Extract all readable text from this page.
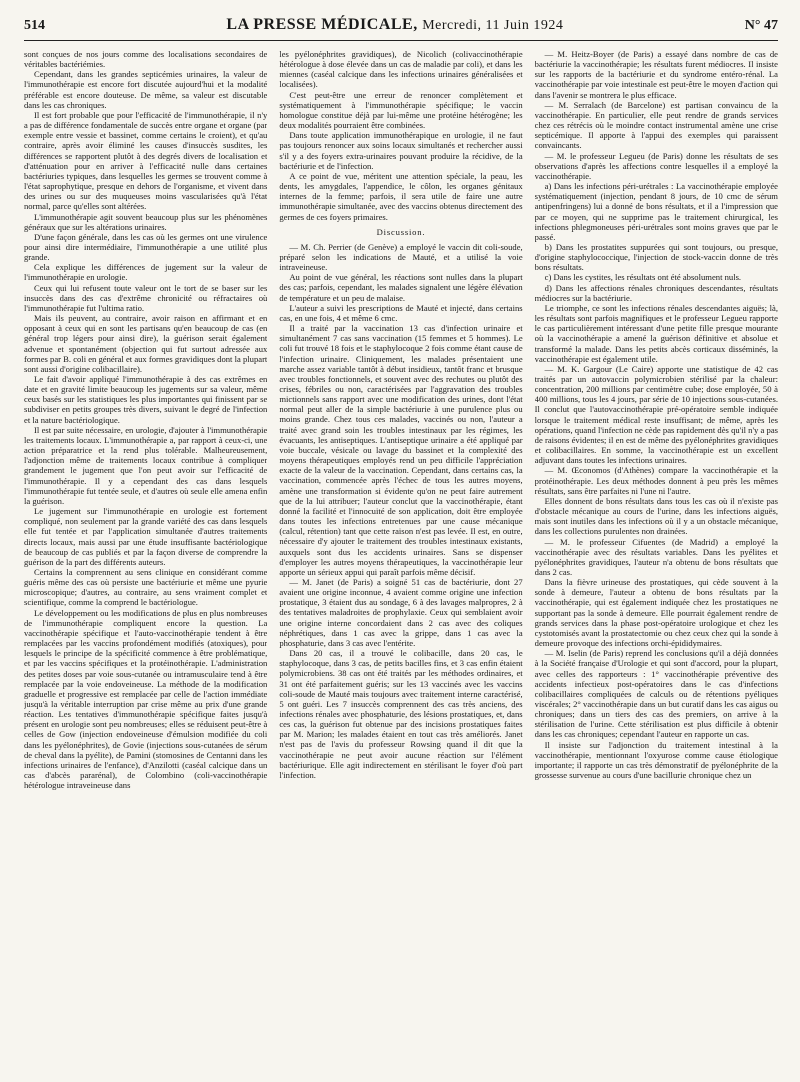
514	LA PRESSE MÉDICALE, Mercredi, 11 Juin 1924	N° 47

sont conçues de nos jours comme des localisations secondaires de véritables bactériémies.

Cependant, dans les grandes septicémies urinaires, la valeur de l'immunothérapie est encore fort discutée aujourd'hui et la modalité préférable est encore douteuse. De même, sa valeur est discutable dans les cas chroniques.

Il est fort probable que pour l'efficacité de l'immunothérapie, il n'y a pas de différence fondamentale de succès entre organe et organe (par exemple entre vessie et bassinet, comme certains le croient), et qu'au contraire, après avoir éliminé les causes d'insuccès susdites, les différences se rapportent plutôt à des degrés divers de localisation et d'atténuation pour en arriver à l'efficacité nulle dans certaines bactériuries typiques, dans lesquelles les germes se trouvent comme à l'état saprophytique, presque en dehors de l'organisme, et vivent dans des urines ou sur des muqueuses moins vascularisées qu'à l'état normal, parce qu'elles sont altérées.

L'immunothérapie agit souvent beaucoup plus sur les phénomènes généraux que sur les altérations urinaires.

D'une façon générale, dans les cas où les germes ont une virulence pour ainsi dire intermédiaire, l'immunothérapie a une utilité plus grande.

Cela explique les différences de jugement sur la valeur de l'immunothérapie en urologie.

Ceux qui lui refusent toute valeur ont le tort de se baser sur les insuccès dans des cas d'extrême chronicité ou réfractaires où l'immunothérapie fut l'ultima ratio.

Mais ils peuvent, au contraire, avoir raison en affirmant et en opposant à ceux qui en sont les partisans qu'en beaucoup de cas (en général trop légers pour ainsi dire), la guérison serait également advenue et spontanément (objection qui fut surtout adressée aux formes par B. coli en général et aux formes gravidiques dont la plupart sont aussi d'origine colibacillaire).

Le fait d'avoir appliqué l'immunothérapie à des cas extrêmes en date et en gravité limite beaucoup les jugements sur sa valeur, même ceux basés sur les statistiques les plus importantes qui finissent par se subdiviser en petits groupes très divers, suivant le degré de l'infection et la nature bactériologique.

Il est par suite nécessaire, en urologie, d'ajouter à l'immunothérapie les traitements locaux. L'immunothérapie a, par rapport à ceux-ci, une action préparatrice et la rend plus tolérable. Malheureusement, l'adjonction même de traitements locaux contribue à compliquer grandement le jugement que l'on peut avoir sur l'efficacité de l'immunothérapie. Il y a cependant des cas dans lesquels l'immunothérapie fut tentée seule, et d'autres où seule elle amena enfin la guérison.

Le jugement sur l'immunothérapie en urologie est fortement compliqué, non seulement par la grande variété des cas dans lesquels elle fut tentée et par l'application simultanée d'autres traitements directs locaux, mais aussi par une étude insuffisante bactériologique de beaucoup de cas publiés et par la façon diverse de comprendre la guérison de la part des différents auteurs.

Certains la comprennent au sens clinique en considérant comme guéris même des cas où persiste une bactériurie et même une pyurie microscopique; d'autres, au contraire, au sens vraiment complet et scientifique, comme la comprend le bactériologue.

Le développement ou les modifications de plus en plus nombreuses de l'immunothérapie compliquent encore la question. La vaccinothérapie spécifique et l'auto-vaccinothérapie tendent à être remplacées par les vaccins profondément modifiés (atoxiques), pour lesquels le principe de la spécificité commence à être problématique, et par les vaccins spécifiques et la protéinothérapie. L'administration des petites doses par voie sous-cutanée ou intramusculaire tend à être remplacée par la voie endoveineuse. La méthode de la modification graduelle et progressive est remplacée par celle de l'action immédiate jusqu'à la véritable interruption par crise même au prix d'une grande réaction. Les tentatives d'immunothérapie spécifique faites jusqu'à présent en urologie sont peu nombreuses; elles se réduisent peut-être à celles de Gow (injection endoveineuse d'émulsion modifiée du coli dans les pyélonéphrites), de Govie (injections sous-cutanées de sérum de cheval dans la pyélite), de Pamini (stomosines de Centanni dans les infections urinaires de l'enfance), d'Anzilotti (caséal calcique dans un cas d'abcès pararénal), de Colombino (coli-vaccinothérapie hétérologue intraveineuse dans

les pyélonéphrites gravidiques), de Nicolich (colivaccinothérapie hétérologue à dose élevée dans un cas de maladie par coli), et dans les miennes (caséal calcique dans les infections urinaires généralisées et localisées).

C'est peut-être une erreur de renoncer complètement et systématiquement à l'immunothérapie spécifique; le vaccin homologue constitue déjà par lui-même une protéine hétérogène; les deux modalités pourraient être combinées.

Dans toute application immunothérapique en urologie, il ne faut pas toujours renoncer aux soins locaux simultanés et rechercher aussi s'il y a des foyers extra-urinaires pouvant produire la récidive, de la bactériurie et de l'infection.

A ce point de vue, méritent une attention spéciale, la peau, les dents, les amygdales, l'appendice, le côlon, les organes génitaux internes de la femme; parfois, il sera utile de faire une autre immunothérapie simultanée, avec des vaccins obtenus directement des germes de ces foyers primaires.

Discussion.

— M. Ch. Perrier (de Genève) a employé le vaccin dit coli-soude, préparé selon les indications de Mauté, et a utilisé la voie intraveineuse.

Au point de vue général, les réactions sont nulles dans la plupart des cas; parfois, cependant, les malades signalent une légère élévation de température et un peu de malaise.

L'auteur a suivi les prescriptions de Mauté et injecté, dans certains cas, en une fois, 4 et même 6 cmc.

Il a traité par la vaccination 13 cas d'infection urinaire et simultanément 7 cas sans vaccination (15 femmes et 5 hommes). Le coli fut trouvé 18 fois et le staphylocoque 2 fois comme étant cause de l'infection urinaire. Cliniquement, les malades présentaient une marche assez variable tantôt à début insidieux, tantôt franc et brusque avec troubles fonctionnels, et souvent avec des rechutes ou plutôt des crises, fébriles ou non, caractérisées par l'aggravation des troubles mictionnels sans rapport avec une modification des urines, dont l'état normal peut aller de la simple bactériurie à une purulence plus ou moins grande. Chez tous ces malades, vaccinés ou non, l'auteur a traité avec grand soin les troubles intestinaux par les régimes, les évacuants, les antiseptiques. L'antiseptique urinaire a été appliqué par voie buccale, vésicale ou lavage du bassinet et la complexité des moyens thérapeutiques employés rend un peu difficile l'appréciation exacte de la valeur de la vaccination. Cependant, dans certains cas, la vaccination, commencée après l'échec de tous les autres moyens, amène une transformation si évidente qu'on ne peut faire autrement que de la lui attribuer; l'auteur conclut que la vaccinothérapie, étant donné la facilité et l'innocuité de son application, doit être employée dans toutes les infections entretenues par une cause mécanique (calcul, rétention) tant que cette raison n'est pas levée. Il est, en outre, nécessaire d'y ajouter le traitement des troubles intestinaux existants, auxquels sont dus les accidents urinaires. Sans se dispenser d'employer les autres moyens thérapeutiques, la vaccinothérapie leur apporte un sérieux appui qui paraît parfois même décisif.

— M. Janet (de Paris) a soigné 51 cas de bactériurie, dont 27 avaient une origine inconnue, 4 avaient comme origine une infection prostatique, 3 étaient dus au sondage, 6 à des lavages malpropres, 2 à des tentatives maladroites de prophylaxie. Ceux qui semblaient avoir une origine interne concordaient dans 2 cas avec des coliques néphrétiques, dans 1 cas avec la grippe, dans 1 cas avec la phosphaturie, dans 3 cas avec l'entérite.

Dans 20 cas, il a trouvé le colibacille, dans 20 cas, le staphylocoque, dans 3 cas, de petits bacilles fins, et 3 cas enfin étaient polymicrobiens. 38 cas ont été traités par les méthodes ordinaires, et 31 ont été parfaitement guéris; sur les 13 vaccinés avec les vaccins coli-soude de Mauté mais toujours avec traitement interne caractérisé, 5 ont guéri. Les 7 insuccès comprennent des cas très anciens, des infections rénales avec phosphaturie, des lésions prostatiques, et, dans ces cas, la guérison fut obtenue par des incisions prostatiques faites par M. Marion; les malades étaient en tout cas très améliorés. Janet n'est pas de l'avis du professeur Rowsing quand il dit que la vaccinothérapie ne peut avoir aucune réaction sur l'élément bactériurique. Elle agit indirectement en stérilisant le foyer d'où part l'infection.

— M. Heitz-Boyer (de Paris) a essayé dans nombre de cas de bactériurie la vaccinothérapie; les résultats furent médiocres. Il insiste sur les rapports de la bactériurie et du syndrome entéro-rénal. La vaccinothérapie par voie intestinale est peut-être le moyen d'action qui dans l'avenir se montrera le plus efficace.

— M. Serralach (de Barcelone) est partisan convaincu de la vaccinothérapie. En particulier, elle peut rendre de grands services chez ces rétrécis où le moindre contact instrumental amène une crise septicémique. Il apporte à l'appui des exemples qui paraissent convaincants.

— M. le professeur Legueu (de Paris) donne les résultats de ses observations d'après les affections contre lesquelles il a employé la vaccinothérapie.

a) Dans les infections péri-urétrales : La vaccinothérapie employée systématiquement (injection, pendant 8 jours, de 10 cmc de sérum antipenfringens) lui a donné de bons résultats, et il a l'impression que par ce moyen, qui ne supprime pas le traitement chirurgical, les infections phlegmoneuses péri-urétrales sont moins graves que par le passé.

b) Dans les prostatites suppurées qui sont toujours, ou presque, d'origine staphylococcique, l'injection de stock-vaccin donne de très bons résultats.

c) Dans les cystites, les résultats ont été absolument nuls.

d) Dans les affections rénales chroniques descendantes, résultats médiocres sur la bactériurie.

Le triomphe, ce sont les infections rénales descendantes aiguës; là, les résultats sont parfois magnifiques et le professeur Legueu rapporte le cas particulièrement intéressant d'une petite fille presque mourante où la vaccinothérapie a amené la guérison définitive et absolue et transformé la malade. Dans les petits abcès corticaux disséminés, la vaccinothérapie est également utile.

— M. K. Gargour (Le Caire) apporte une statistique de 42 cas traités par un autovaccin polymicrobien stérilisé par la chaleur: concentration, 200 millions par centimètre cube; dose employée, 50 à 400 millions, tous les 4 jours, par série de 10 injections sous-cutanées. Il conclut que l'autovaccinothérapie pré-opératoire semble indiquée lorsque le traitement médical reste insuffisant; de même, après les opérations, quand l'infection ne cède pas rapidement dès qu'il n'y a pas de raisons évidentes; il en est de même des pyélonéphrites gravidiques et colibacillaires. En somme, la vaccinothérapie est un excellent adjuvant dans toutes les infections urinaires.

— M. Œconomos (d'Athènes) compare la vaccinothérapie et la protéinothérapie. Les deux méthodes donnent à peu près les mêmes résultats, sans être parfaites ni l'une ni l'autre.

Elles donnent de bons résultats dans tous les cas où il n'existe pas d'obstacle mécanique au cours de l'urine, dans les infections aiguës, mais sont inutiles dans les infections où il y a un obstacle mécanique, dans les collections purulentes non drainées.

— M. le professeur Cifuentes (de Madrid) a employé la vaccinothérapie avec des résultats variables. Dans les pyélites et pyélonéphrites gravidiques, l'auteur n'a obtenu de bons résultats que dans 2 cas.

Dans la fièvre urineuse des prostatiques, qui cède souvent à la sonde à demeure, l'auteur a obtenu de bons résultats par la vaccinothérapie, qui est également indiquée chez les prostatiques ne supportant pas la sonde à demeure. Elle pourrait également rendre de grands services dans la phase post-opératoire urologique et chez les cystotomisés avant la prostatectomie ou chez ceux chez qui la sonde à demeure provoque des infections orchi-épididymaires.

— M. Iselin (de Paris) reprend les conclusions qu'il a déjà données à la Société française d'Urologie et qui sont d'accord, pour la plupart, avec celles des rapporteurs : 1° vaccinothérapie préventive des accidents infectieux post-opératoires dans le cas d'infections colibacillaires compliquées de calculs ou de rétentions pyéliques viscérales; 2° vaccinothérapie dans un but curatif dans les cas aigus ou chroniques; dans un tiers des cas des premiers, on arrive à la stérilisation de l'urine. Cette stérilisation est plus difficile à obtenir dans les cas chroniques; cependant l'auteur en rapporte un cas.

Il insiste sur l'adjonction du traitement intestinal à la vaccinothérapie, mentionnant l'oxyurose comme cause étiologique importante; il rapporte un cas très démonstratif de pyélonéphrite de la grossesse survenue au cours d'une bacillurie chronique chez un
